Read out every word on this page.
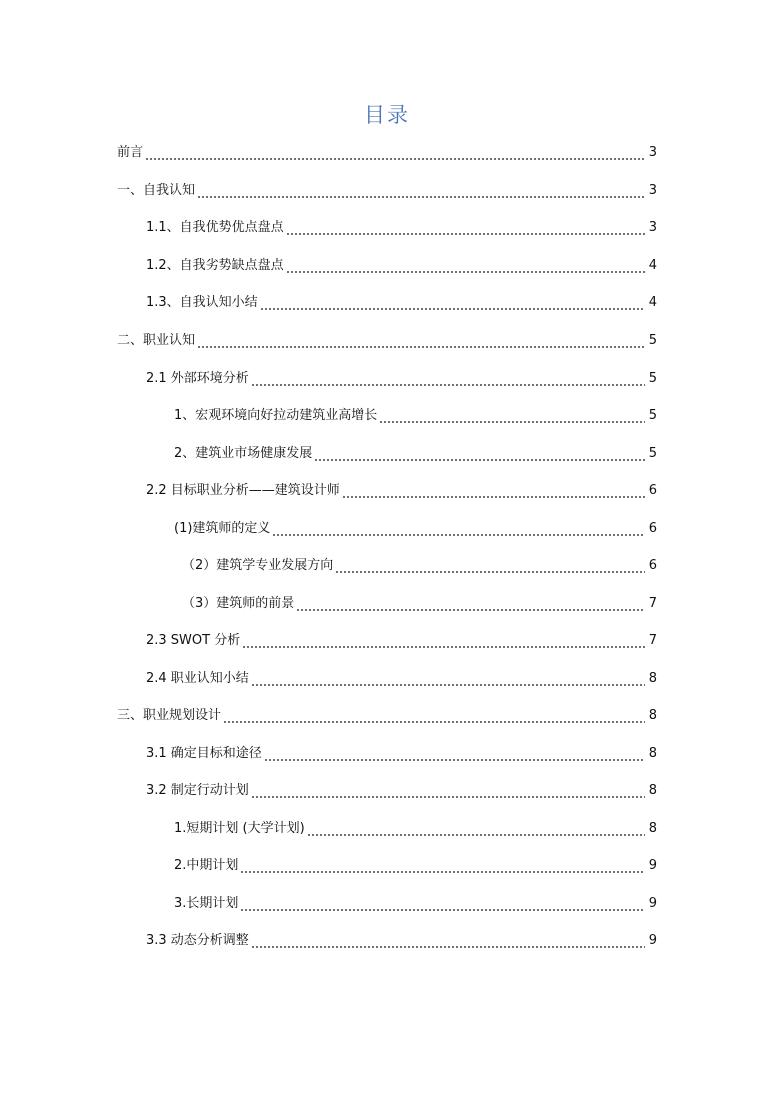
目录
前言	3
一、自我认知	3
1.1、自我优势优点盘点	3
1.2、自我劣势缺点盘点	4
1.3、自我认知小结	4
二、职业认知	5
2.1 外部环境分析	5
1、宏观环境向好拉动建筑业高增长	5
2、建筑业市场健康发展	5
2.2 目标职业分析——建筑设计师	6
(1)建筑师的定义	6
（2）建筑学专业发展方向	6
（3）建筑师的前景	7
2.3 SWOT 分析	7
2.4 职业认知小结	8
三、职业规划设计	8
3.1 确定目标和途径	8
3.2 制定行动计划	8
1.短期计划 (大学计划)	8
2.中期计划	9
3.长期计划	9
3.3 动态分析调整	9
